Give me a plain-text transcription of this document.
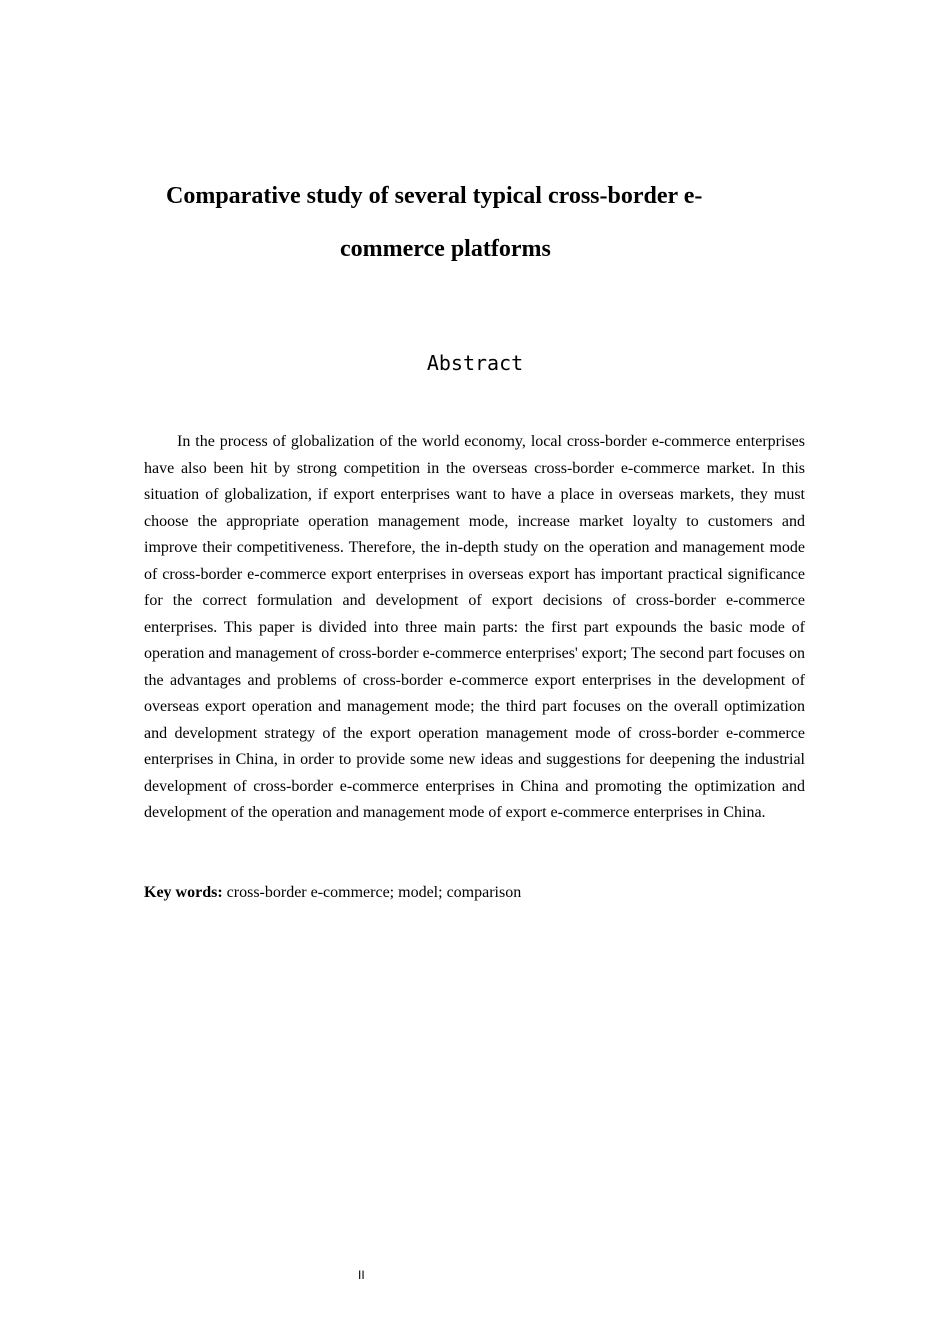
Comparative study of several typical cross-border e-
commerce platforms
Abstract

In the process of globalization of the world economy, local cross-border e-commerce enterprises have also been hit by strong competition in the overseas cross-border e-commerce market. In this situation of globalization, if export enterprises want to have a place in overseas markets, they must choose the appropriate operation management mode, increase market loyalty to customers and improve their competitiveness. Therefore, the in-depth study on the operation and management mode of cross-border e-commerce export enterprises in overseas export has important practical significance for the correct formulation and development of export decisions of cross-border e-commerce enterprises. This paper is divided into three main parts: the first part expounds the basic mode of operation and management of cross-border e-commerce enterprises' export; The second part focuses on the advantages and problems of cross-border e-commerce export enterprises in the development of overseas export operation and management mode; the third part focuses on the overall optimization and development strategy of the export operation management mode of cross-border e-commerce enterprises in China, in order to provide some new ideas and suggestions for deepening the industrial development of cross-border e-commerce enterprises in China and promoting the optimization and development of the operation and management mode of export e-commerce enterprises in China.

Key words: cross-border e-commerce; model; comparison
II
